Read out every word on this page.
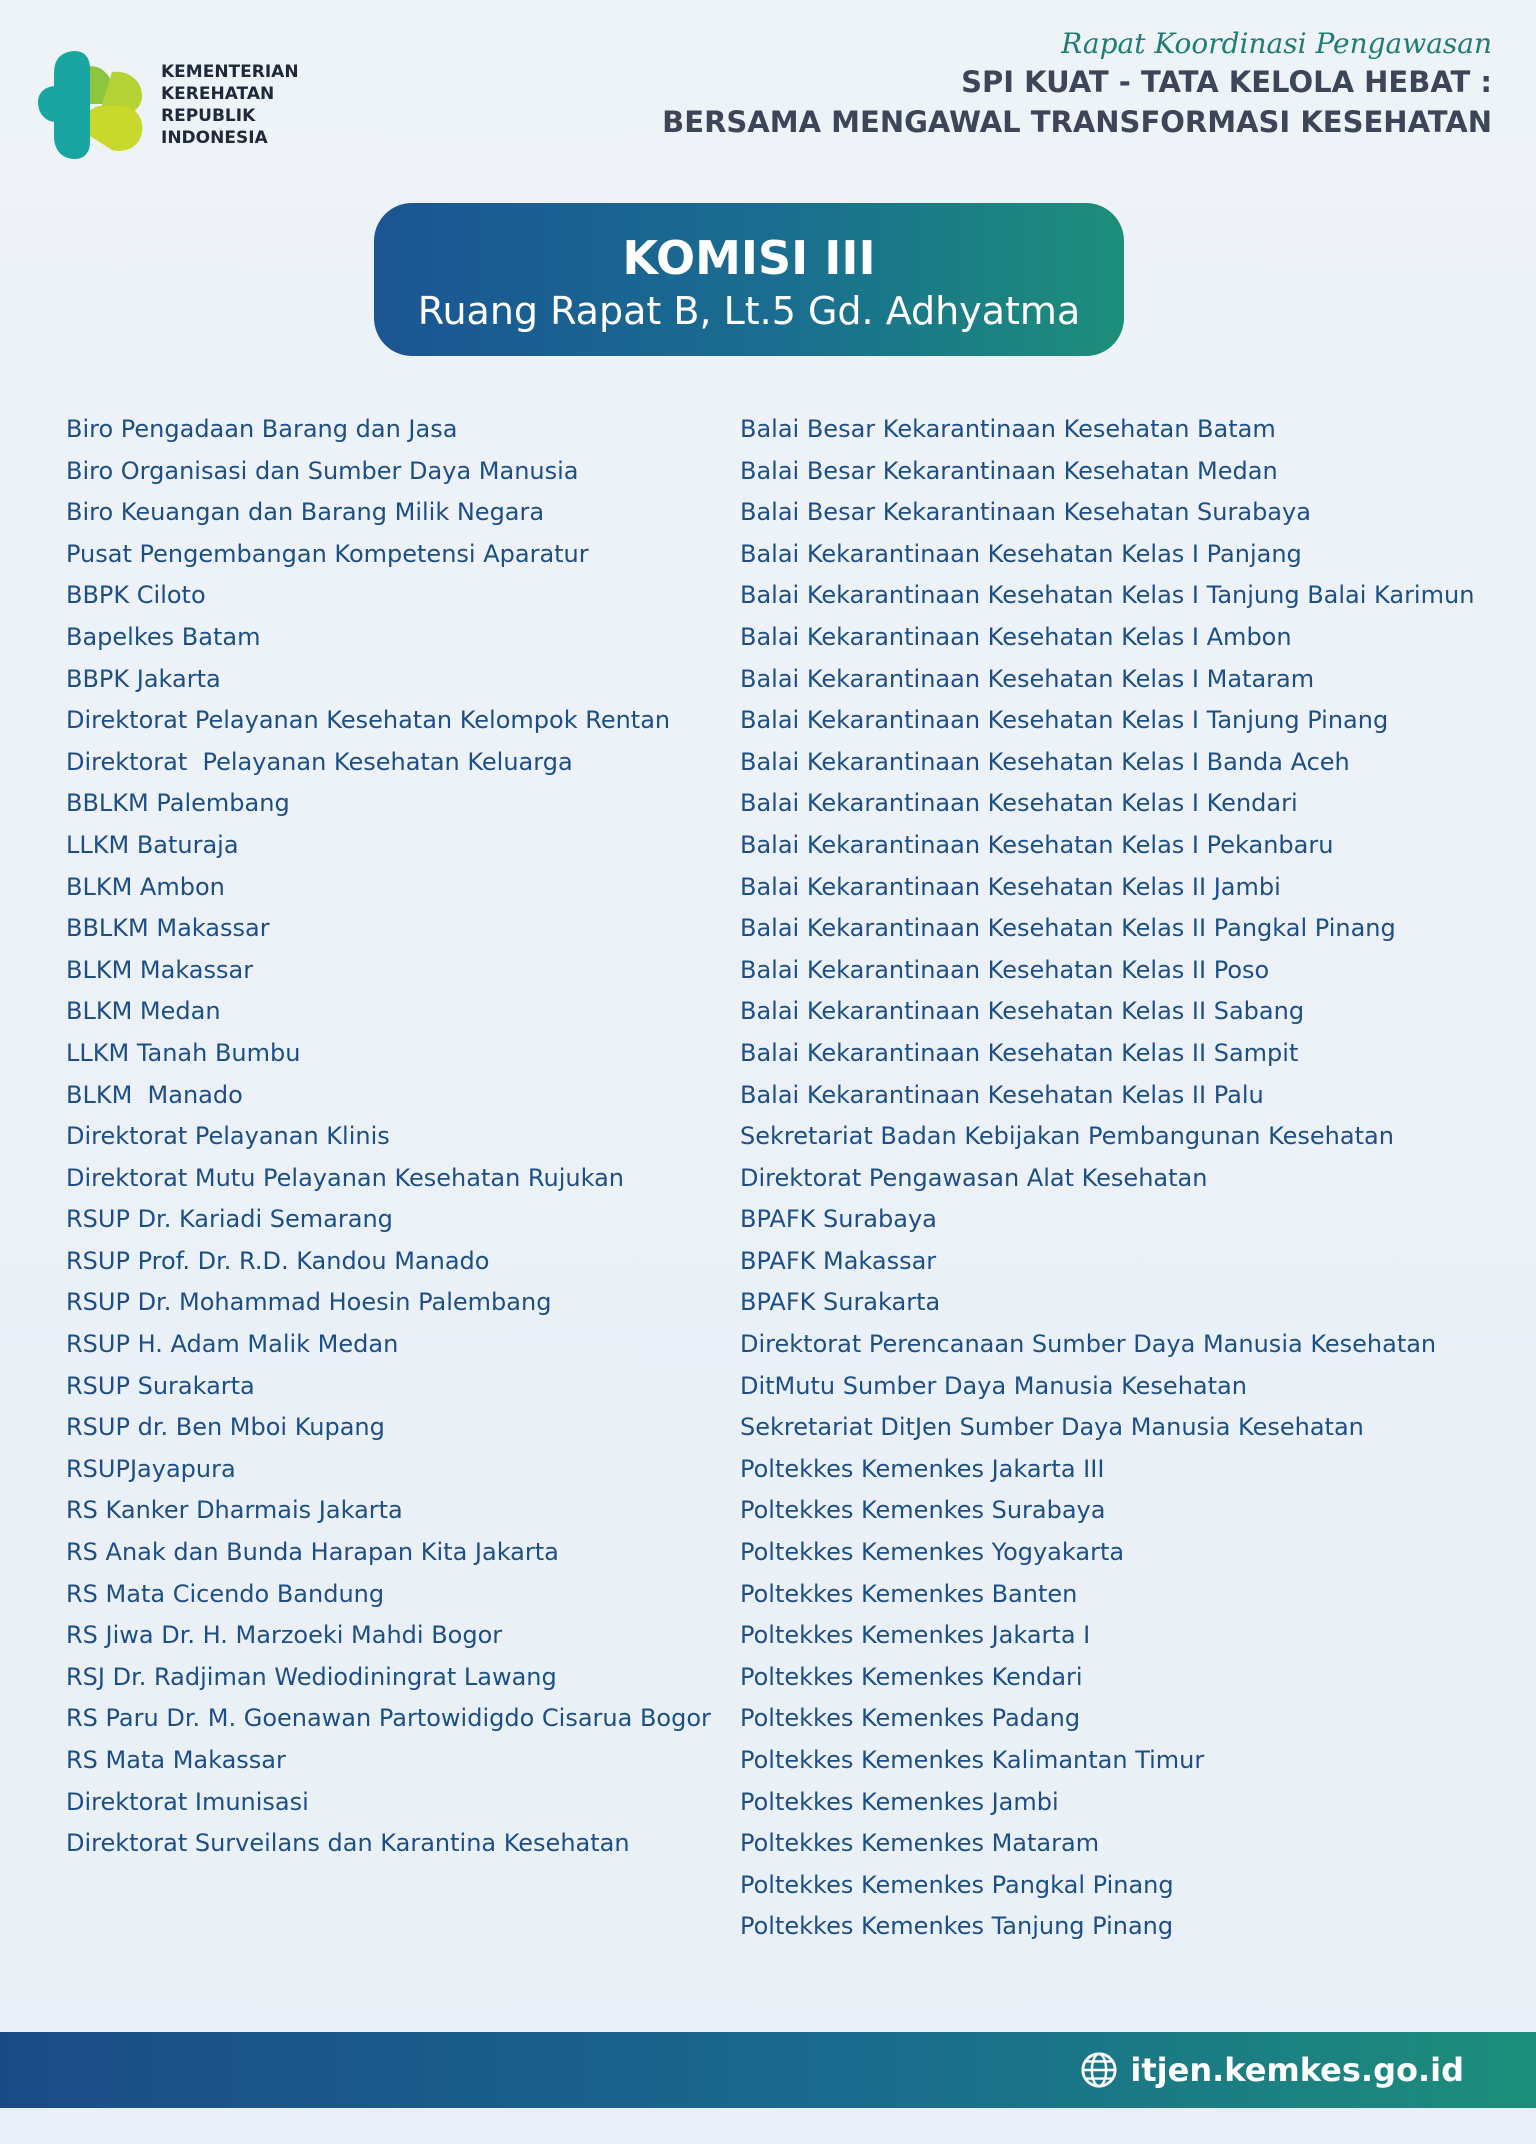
KEMENTERIAN
KEREHATAN
REPUBLIK
INDONESIA
Rapat Koordinasi Pengawasan
SPI KUAT - TATA KELOLA HEBAT :
BERSAMA MENGAWAL TRANSFORMASI KESEHATAN
KOMISI III
Ruang Rapat B, Lt.5 Gd. Adhyatma
Biro Pengadaan Barang dan Jasa
Biro Organisasi dan Sumber Daya Manusia
Biro Keuangan dan Barang Milik Negara
Pusat Pengembangan Kompetensi Aparatur
BBPK Ciloto
Bapelkes Batam
BBPK Jakarta
Direktorat Pelayanan Kesehatan Kelompok Rentan
Direktorat  Pelayanan Kesehatan Keluarga
BBLKM Palembang
LLKM Baturaja
BLKM Ambon
BBLKM Makassar
BLKM Makassar
BLKM Medan
LLKM Tanah Bumbu
BLKM  Manado
Direktorat Pelayanan Klinis
Direktorat Mutu Pelayanan Kesehatan Rujukan
RSUP Dr. Kariadi Semarang
RSUP Prof. Dr. R.D. Kandou Manado
RSUP Dr. Mohammad Hoesin Palembang
RSUP H. Adam Malik Medan
RSUP Surakarta
RSUP dr. Ben Mboi Kupang
RSUPJayapura
RS Kanker Dharmais Jakarta
RS Anak dan Bunda Harapan Kita Jakarta
RS Mata Cicendo Bandung
RS Jiwa Dr. H. Marzoeki Mahdi Bogor
RSJ Dr. Radjiman Wediodiningrat Lawang
RS Paru Dr. M. Goenawan Partowidigdo Cisarua Bogor
RS Mata Makassar
Direktorat Imunisasi
Direktorat Surveilans dan Karantina Kesehatan
Balai Besar Kekarantinaan Kesehatan Batam
Balai Besar Kekarantinaan Kesehatan Medan
Balai Besar Kekarantinaan Kesehatan Surabaya
Balai Kekarantinaan Kesehatan Kelas I Panjang
Balai Kekarantinaan Kesehatan Kelas I Tanjung Balai Karimun
Balai Kekarantinaan Kesehatan Kelas I Ambon
Balai Kekarantinaan Kesehatan Kelas I Mataram
Balai Kekarantinaan Kesehatan Kelas I Tanjung Pinang
Balai Kekarantinaan Kesehatan Kelas I Banda Aceh
Balai Kekarantinaan Kesehatan Kelas I Kendari
Balai Kekarantinaan Kesehatan Kelas I Pekanbaru
Balai Kekarantinaan Kesehatan Kelas II Jambi
Balai Kekarantinaan Kesehatan Kelas II Pangkal Pinang
Balai Kekarantinaan Kesehatan Kelas II Poso
Balai Kekarantinaan Kesehatan Kelas II Sabang
Balai Kekarantinaan Kesehatan Kelas II Sampit
Balai Kekarantinaan Kesehatan Kelas II Palu
Sekretariat Badan Kebijakan Pembangunan Kesehatan
Direktorat Pengawasan Alat Kesehatan
BPAFK Surabaya
BPAFK Makassar
BPAFK Surakarta
Direktorat Perencanaan Sumber Daya Manusia Kesehatan
DitMutu Sumber Daya Manusia Kesehatan
Sekretariat DitJen Sumber Daya Manusia Kesehatan
Poltekkes Kemenkes Jakarta III
Poltekkes Kemenkes Surabaya
Poltekkes Kemenkes Yogyakarta
Poltekkes Kemenkes Banten
Poltekkes Kemenkes Jakarta I
Poltekkes Kemenkes Kendari
Poltekkes Kemenkes Padang
Poltekkes Kemenkes Kalimantan Timur
Poltekkes Kemenkes Jambi
Poltekkes Kemenkes Mataram
Poltekkes Kemenkes Pangkal Pinang
Poltekkes Kemenkes Tanjung Pinang
itjen.kemkes.go.id
